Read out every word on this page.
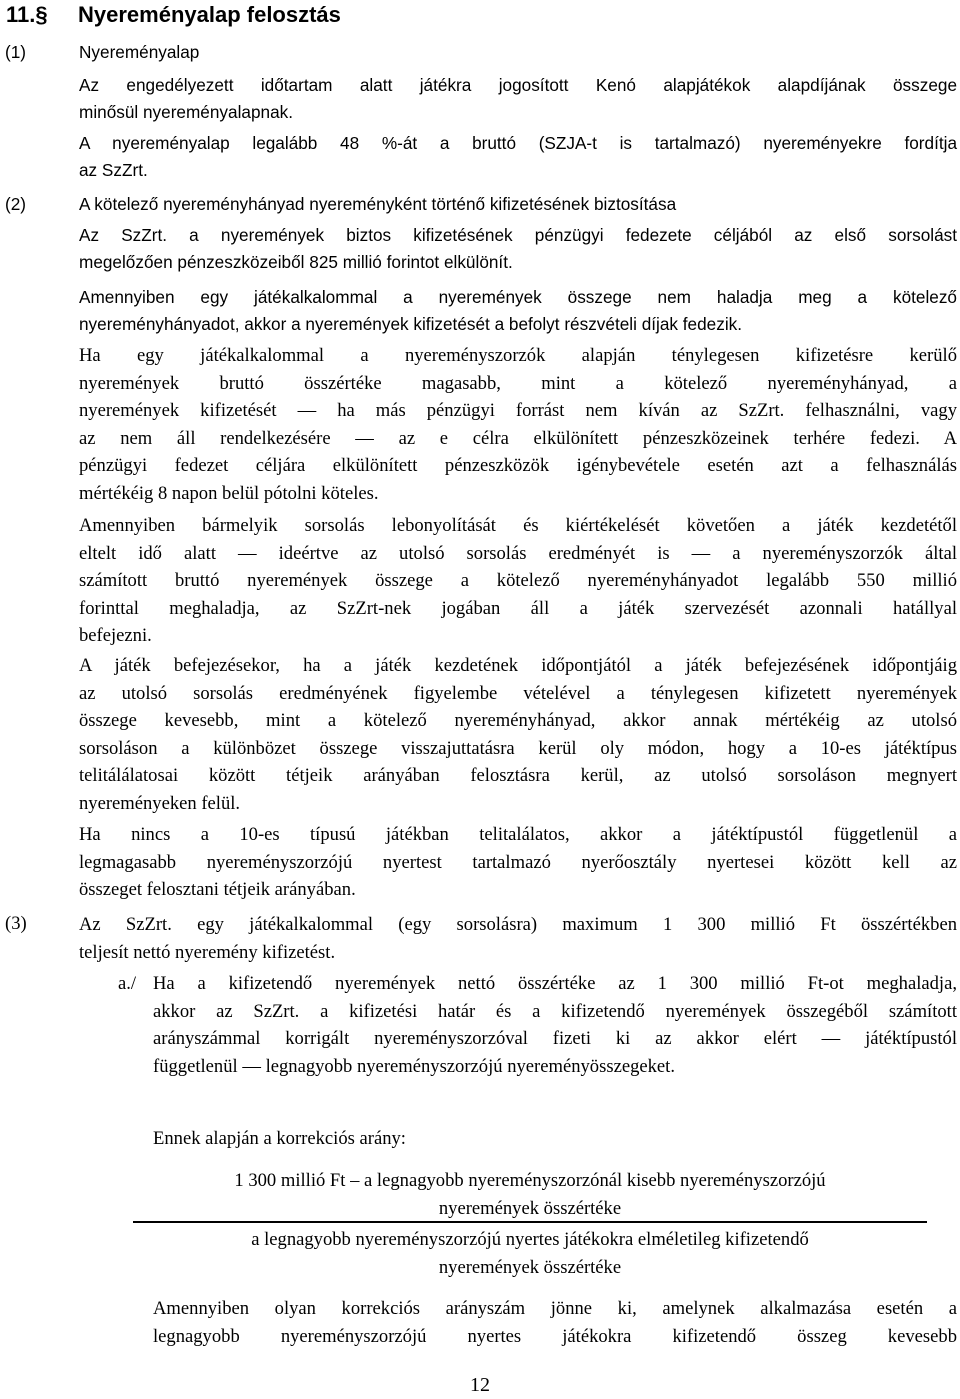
11.§ Nyereményalap felosztás
(1)	Nyereményalap
Az engedélyezett időtartam alatt játékra jogosított Kenó alapjátékok alapdíjának összege
minősül nyereményalapnak.
A nyereményalap legalább 48 %-át a bruttó (SZJA-t is tartalmazó) nyereményekre fordítja
az SzZrt.
(2)	A kötelező nyereményhányad nyereményként történő kifizetésének biztosítása
Az SzZrt. a nyeremények biztos kifizetésének pénzügyi fedezete céljából az első sorsolást
megelőzően pénzeszközeiből 825 millió forintot elkülönít.
Amennyiben egy játékalkalommal a nyeremények összege nem haladja meg a kötelező
nyereményhányadot, akkor a nyeremények kifizetését a befolyt részvételi díjak fedezik.
Ha egy játékalkalommal a nyereményszorzók alapján ténylegesen kifizetésre kerülő
nyeremények bruttó összértéke magasabb, mint a kötelező nyereményhányad, a
nyeremények kifizetését — ha más pénzügyi forrást nem kíván az SzZrt. felhasználni, vagy
az nem áll rendelkezésére — az e célra elkülönített pénzeszközeinek terhére fedezi. A
pénzügyi fedezet céljára elkülönített pénzeszközök igénybevétele esetén azt a felhasználás
mértékéig 8 napon belül pótolni köteles.
Amennyiben bármelyik sorsolás lebonyolítását és kiértékelését követően a játék kezdetétől
eltelt idő alatt — ideértve az utolsó sorsolás eredményét is — a nyereményszorzók által
számított bruttó nyeremények összege a kötelező nyereményhányadot legalább 550 millió
forinttal meghaladja, az SzZrt-nek jogában áll a játék szervezését azonnali hatállyal
befejezni.
A játék befejezésekor, ha a játék kezdetének időpontjától a játék befejezésének időpontjáig
az utolsó sorsolás eredményének figyelembe vételével a ténylegesen kifizetett nyeremények
összege kevesebb, mint a kötelező nyereményhányad, akkor annak mértékéig az utolsó
sorsoláson a különbözet összege visszajuttatásra kerül oly módon, hogy a 10-es játéktípus
telitálálatosai között tétjeik arányában felosztásra kerül, az utolsó sorsoláson megnyert
nyereményeken felül.
Ha nincs a 10-es típusú játékban telitalálatos, akkor a játéktípustól függetlenül a
legmagasabb nyereményszorzójú nyertest tartalmazó nyerőosztály nyertesei között kell az
összeget felosztani tétjeik arányában.
(3)	Az SzZrt. egy játékalkalommal (egy sorsolásra) maximum 1 300 millió Ft összértékben
teljesít nettó nyeremény kifizetést.
a./ Ha a kifizetendő nyeremények nettó összértéke az 1 300 millió Ft-ot meghaladja,
akkor az SzZrt. a kifizetési határ és a kifizetendő nyeremények összegéből számított
arányszámmal korrigált nyereményszorzóval fizeti ki az akkor elért — játéktípustól
függetlenül — legnagyobb nyereményszorzójú nyereményösszegeket.
Ennek alapján a korrekciós arány:
1 300 millió Ft – a legnagyobb nyereményszorzónál kisebb nyereményszorzójú
nyeremények összértéke
a legnagyobb nyereményszorzójú nyertes játékokra elméletileg kifizetendő
nyeremények összértéke
Amennyiben olyan korrekciós arányszám jönne ki, amelynek alkalmazása esetén a
legnagyobb nyereményszorzójú nyertes játékokra kifizetendő összeg kevesebb
12
